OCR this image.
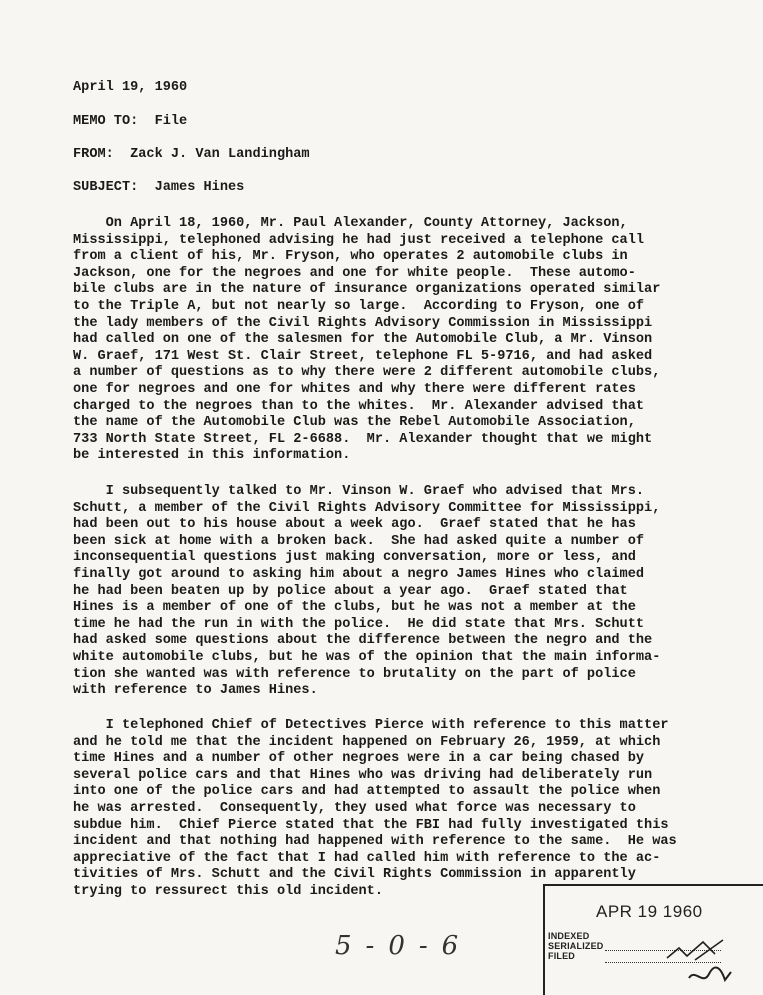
April 19, 1960
MEMO TO:  File
FROM:  Zack J. Van Landingham
SUBJECT:  James Hines
On April 18, 1960, Mr. Paul Alexander, County Attorney, Jackson,
Mississippi, telephoned advising he had just received a telephone call
from a client of his, Mr. Fryson, who operates 2 automobile clubs in
Jackson, one for the negroes and one for white people.  These automo-
bile clubs are in the nature of insurance organizations operated similar
to the Triple A, but not nearly so large.  According to Fryson, one of
the lady members of the Civil Rights Advisory Commission in Mississippi
had called on one of the salesmen for the Automobile Club, a Mr. Vinson
W. Graef, 171 West St. Clair Street, telephone FL 5-9716, and had asked
a number of questions as to why there were 2 different automobile clubs,
one for negroes and one for whites and why there were different rates
charged to the negroes than to the whites.  Mr. Alexander advised that
the name of the Automobile Club was the Rebel Automobile Association,
733 North State Street, FL 2-6688.  Mr. Alexander thought that we might
be interested in this information.
I subsequently talked to Mr. Vinson W. Graef who advised that Mrs.
Schutt, a member of the Civil Rights Advisory Committee for Mississippi,
had been out to his house about a week ago.  Graef stated that he has
been sick at home with a broken back.  She had asked quite a number of
inconsequential questions just making conversation, more or less, and
finally got around to asking him about a negro James Hines who claimed
he had been beaten up by police about a year ago.  Graef stated that
Hines is a member of one of the clubs, but he was not a member at the
time he had the run in with the police.  He did state that Mrs. Schutt
had asked some questions about the difference between the negro and the
white automobile clubs, but he was of the opinion that the main informa-
tion she wanted was with reference to brutality on the part of police
with reference to James Hines.
I telephoned Chief of Detectives Pierce with reference to this matter
and he told me that the incident happened on February 26, 1959, at which
time Hines and a number of other negroes were in a car being chased by
several police cars and that Hines who was driving had deliberately run
into one of the police cars and had attempted to assault the police when
he was arrested.  Consequently, they used what force was necessary to
subdue him.  Chief Pierce stated that the FBI had fully investigated this
incident and that nothing had happened with reference to the same.  He was
appreciative of the fact that I had called him with reference to the ac-
tivities of Mrs. Schutt and the Civil Rights Commission in apparently
trying to ressurect this old incident.
5-0-6
APR 19 1960
INDEXED
SERIALIZED
FILED
